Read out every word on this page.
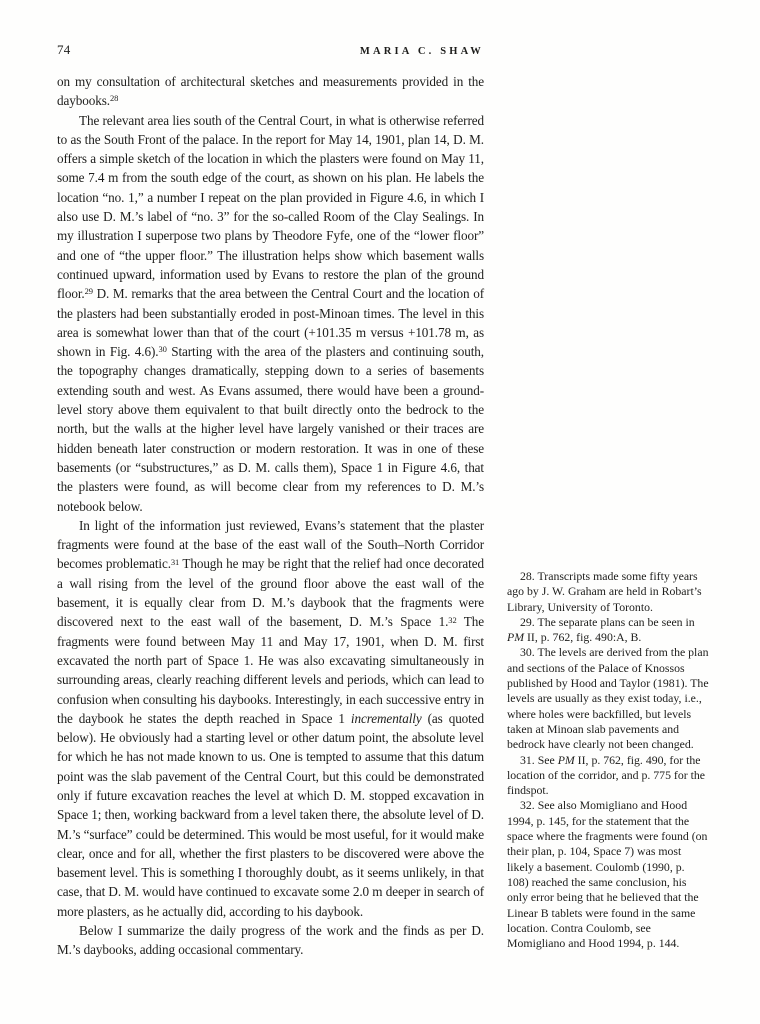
74	MARIA C. SHAW

on my consultation of architectural sketches and measurements provided in the daybooks.$^{28}$

The relevant area lies south of the Central Court, in what is otherwise referred to as the South Front of the palace. In the report for May 14, 1901, plan 14, D. M. offers a simple sketch of the location in which the plasters were found on May 11, some 7.4 m from the south edge of the court, as shown on his plan. He labels the location “no. 1,” a number I repeat on the plan provided in Figure 4.6, in which I also use D. M.’s label of “no. 3” for the so-called Room of the Clay Sealings. In my illustration I superpose two plans by Theodore Fyfe, one of the “lower floor” and one of “the upper floor.” The illustration helps show which basement walls continued upward, information used by Evans to restore the plan of the ground floor.$^{29}$ D. M. remarks that the area between the Central Court and the location of the plasters had been substantially eroded in post-Minoan times. The level in this area is somewhat lower than that of the court (+101.35 m versus +101.78 m, as shown in Fig. 4.6).$^{30}$ Starting with the area of the plasters and continuing south, the topography changes dramatically, stepping down to a series of basements extending south and west. As Evans assumed, there would have been a ground-level story above them equivalent to that built directly onto the bedrock to the north, but the walls at the higher level have largely vanished or their traces are hidden beneath later construction or modern restoration. It was in one of these basements (or “substructures,” as D. M. calls them), Space 1 in Figure 4.6, that the plasters were found, as will become clear from my references to D. M.’s notebook below.

In light of the information just reviewed, Evans’s statement that the plaster fragments were found at the base of the east wall of the South–North Corridor becomes problematic.$^{31}$ Though he may be right that the relief had once decorated a wall rising from the level of the ground floor above the east wall of the basement, it is equally clear from D. M.’s daybook that the fragments were discovered next to the east wall of the basement, D. M.’s Space 1.32 The fragments were found between May 11 and May 17, 1901, when D. M. first excavated the north part of Space 1. He was also excavating simultaneously in surrounding areas, clearly reaching different levels and periods, which can lead to confusion when consulting his daybooks. Interestingly, in each successive entry in the daybook he states the depth reached in Space 1 incrementally (as quoted below). He obviously had a starting level or other datum point, the absolute level for which he has not made known to us. One is tempted to assume that this datum point was the slab pavement of the Central Court, but this could be demonstrated only if future excavation reaches the level at which D. M. stopped excavation in Space 1; then, working backward from a level taken there, the absolute level of D. M.’s “surface” could be determined. This would be most useful, for it would make clear, once and for all, whether the first plasters to be discovered were above the basement level. This is something I thoroughly doubt, as it seems unlikely, in that case, that D. M. would have continued to excavate some 2.0 m deeper in search of more plasters, as he actually did, according to his daybook.

Below I summarize the daily progress of the work and the finds as per D. M.’s daybooks, adding occasional commentary.

28. Transcripts made some fifty years ago by J. W. Graham are held in Robart’s Library, University of Toronto.

29. The separate plans can be seen in PM II, p. 762, fig. 490:A, B.

30. The levels are derived from the plan and sections of the Palace of Knossos published by Hood and Taylor (1981). The levels are usually as they exist today, i.e., where holes were backfilled, but levels taken at Minoan slab pavements and bedrock have clearly not been changed.

31. See PM II, p. 762, fig. 490, for the location of the corridor, and p. 775 for the findspot.

32. See also Momigliano and Hood 1994, p. 145, for the statement that the space where the fragments were found (on their plan, p. 104, Space 7) was most likely a basement. Coulomb (1990, p. 108) reached the same conclusion, his only error being that he believed that the Linear B tablets were found in the same location. Contra Coulomb, see Momigliano and Hood 1994, p. 144.
